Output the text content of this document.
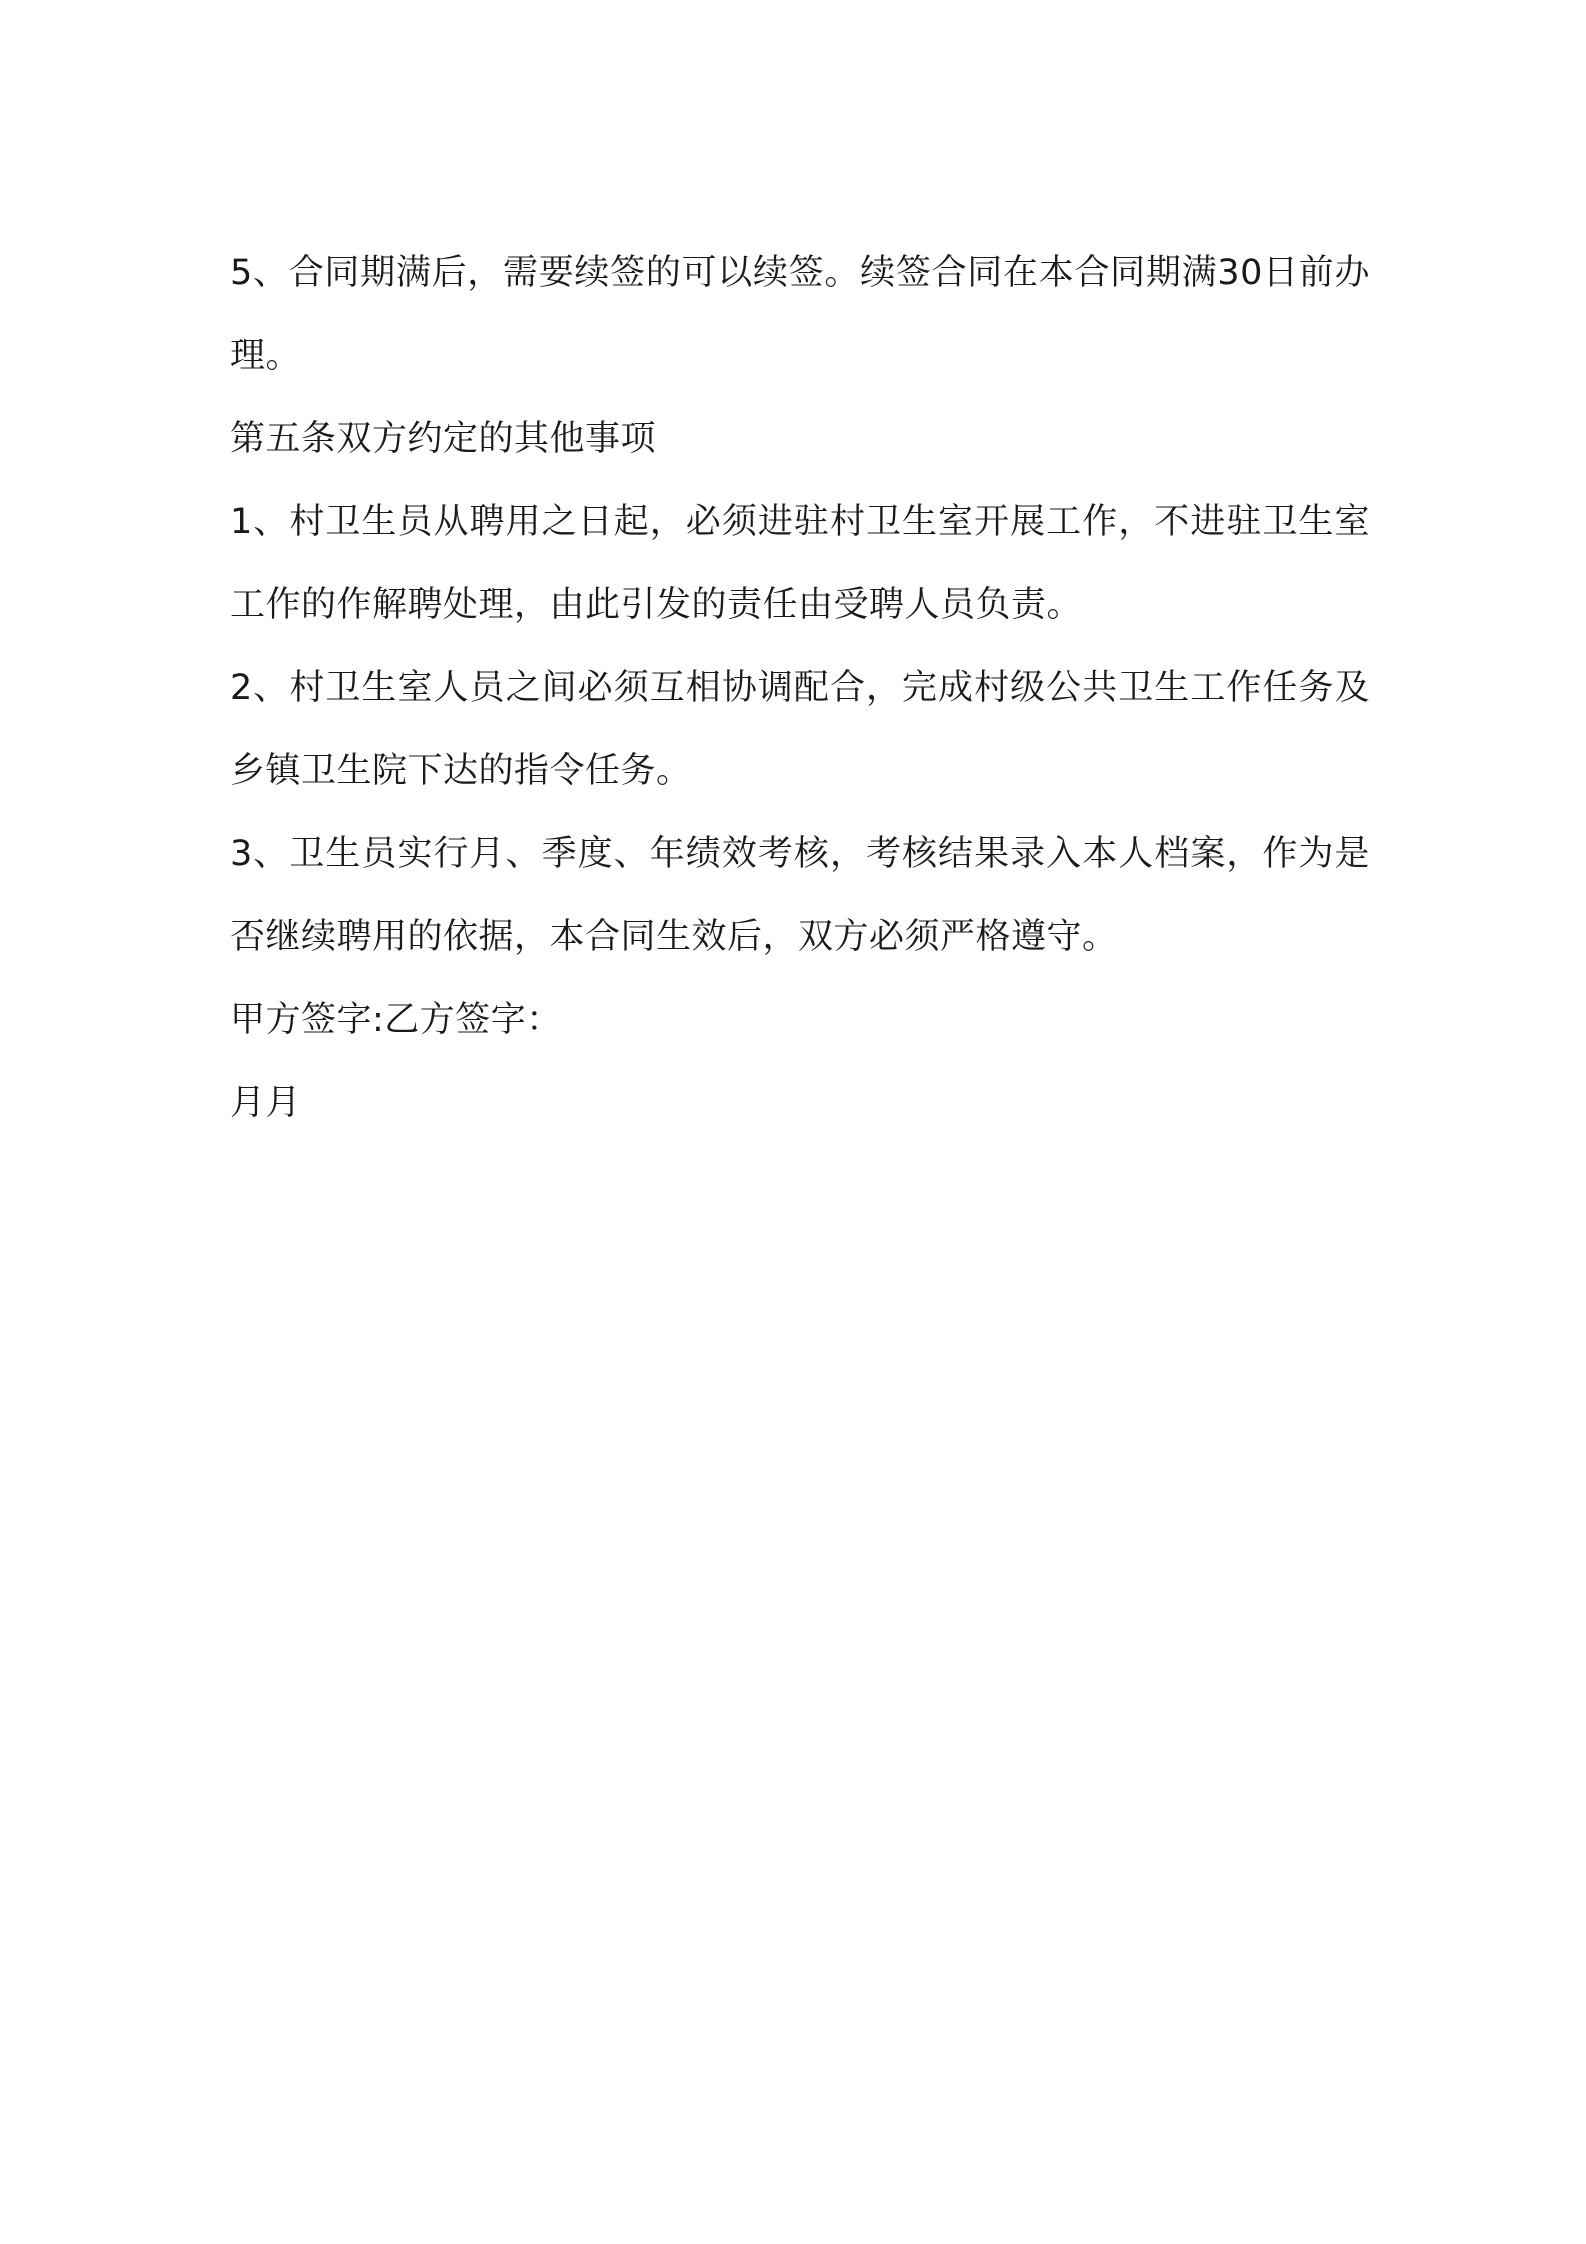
5、合同期满后，需要续签的可以续签。续签合同在本合同期满30日前办理。

第五条双方约定的其他事项

1、村卫生员从聘用之日起，必须进驻村卫生室开展工作，不进驻卫生室工作的作解聘处理，由此引发的责任由受聘人员负责。

2、村卫生室人员之间必须互相协调配合，完成村级公共卫生工作任务及乡镇卫生院下达的指令任务。

3、卫生员实行月、季度、年绩效考核，考核结果录入本人档案，作为是否继续聘用的依据，本合同生效后，双方必须严格遵守。

甲方签字:乙方签字：

月月
